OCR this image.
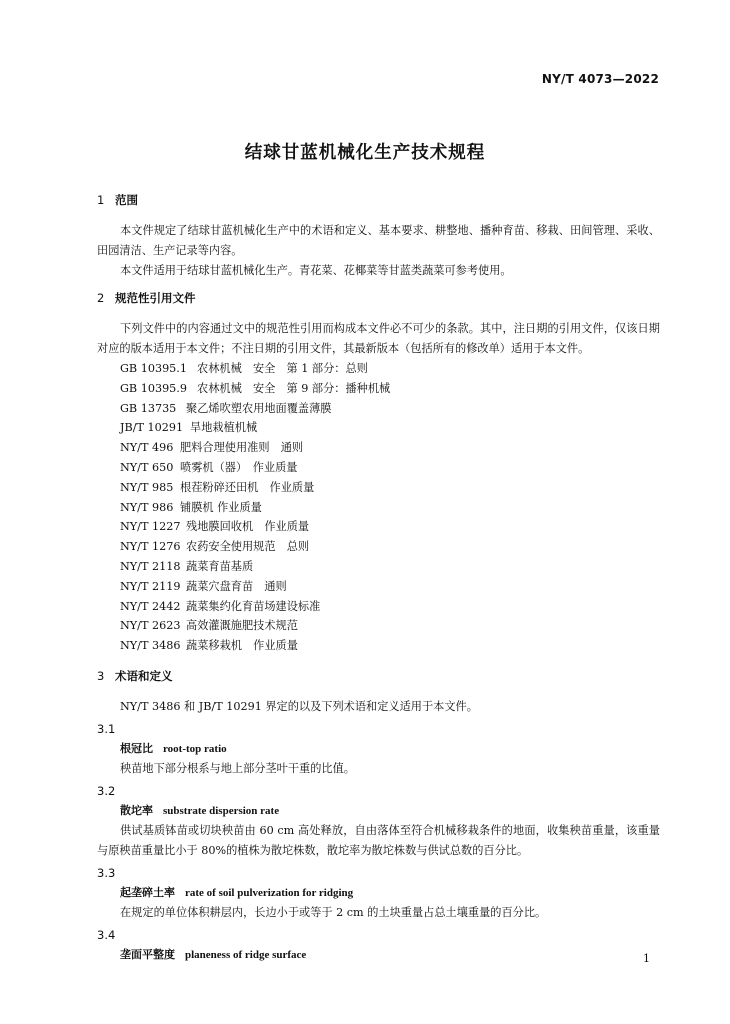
NY/T 4073—2022
结球甘蓝机械化生产技术规程
1 范围

本文件规定了结球甘蓝机械化生产中的术语和定义、基本要求、耕整地、播种育苗、移栽、田间管理、采收、田园清洁、生产记录等内容。

本文件适用于结球甘蓝机械化生产。青花菜、花椰菜等甘蓝类蔬菜可参考使用。

2 规范性引用文件

下列文件中的内容通过文中的规范性引用而构成本文件必不可少的条款。其中，注日期的引用文件，仅该日期对应的版本适用于本文件；不注日期的引用文件，其最新版本（包括所有的修改单）适用于本文件。

GB 10395.1 农林机械　安全　第 1 部分：总则
GB 10395.9 农林机械　安全　第 9 部分：播种机械
GB 13735 聚乙烯吹塑农用地面覆盖薄膜
JB/T 10291 旱地栽植机械
NY/T 496 肥料合理使用准则　通则
NY/T 650 喷雾机（器）　作业质量
NY/T 985 根茬粉碎还田机　作业质量
NY/T 986 铺膜机 作业质量
NY/T 1227 残地膜回收机　作业质量
NY/T 1276 农药安全使用规范　总则
NY/T 2118 蔬菜育苗基质
NY/T 2119 蔬菜穴盘育苗　通则
NY/T 2442 蔬菜集约化育苗场建设标准
NY/T 2623 高效灌溉施肥技术规范
NY/T 3486 蔬菜移栽机　作业质量
3 术语和定义

NY/T 3486 和 JB/T 10291 界定的以及下列术语和定义适用于本文件。

3.1
根冠比 root-top ratio

秧苗地下部分根系与地上部分茎叶干重的比值。

3.2
散坨率 substrate dispersion rate

供试基质钵苗或切块秧苗由 60 cm 高处释放，自由落体至符合机械移栽条件的地面，收集秧苗重量，该重量与原秧苗重量比小于 80%的植株为散坨株数，散坨率为散坨株数与供试总数的百分比。

3.3
起垄碎土率 rate of soil pulverization for ridging

在规定的单位体积耕层内，长边小于或等于 2 cm 的土块重量占总土壤重量的百分比。

3.4
垄面平整度 planeness of ridge surface	1
